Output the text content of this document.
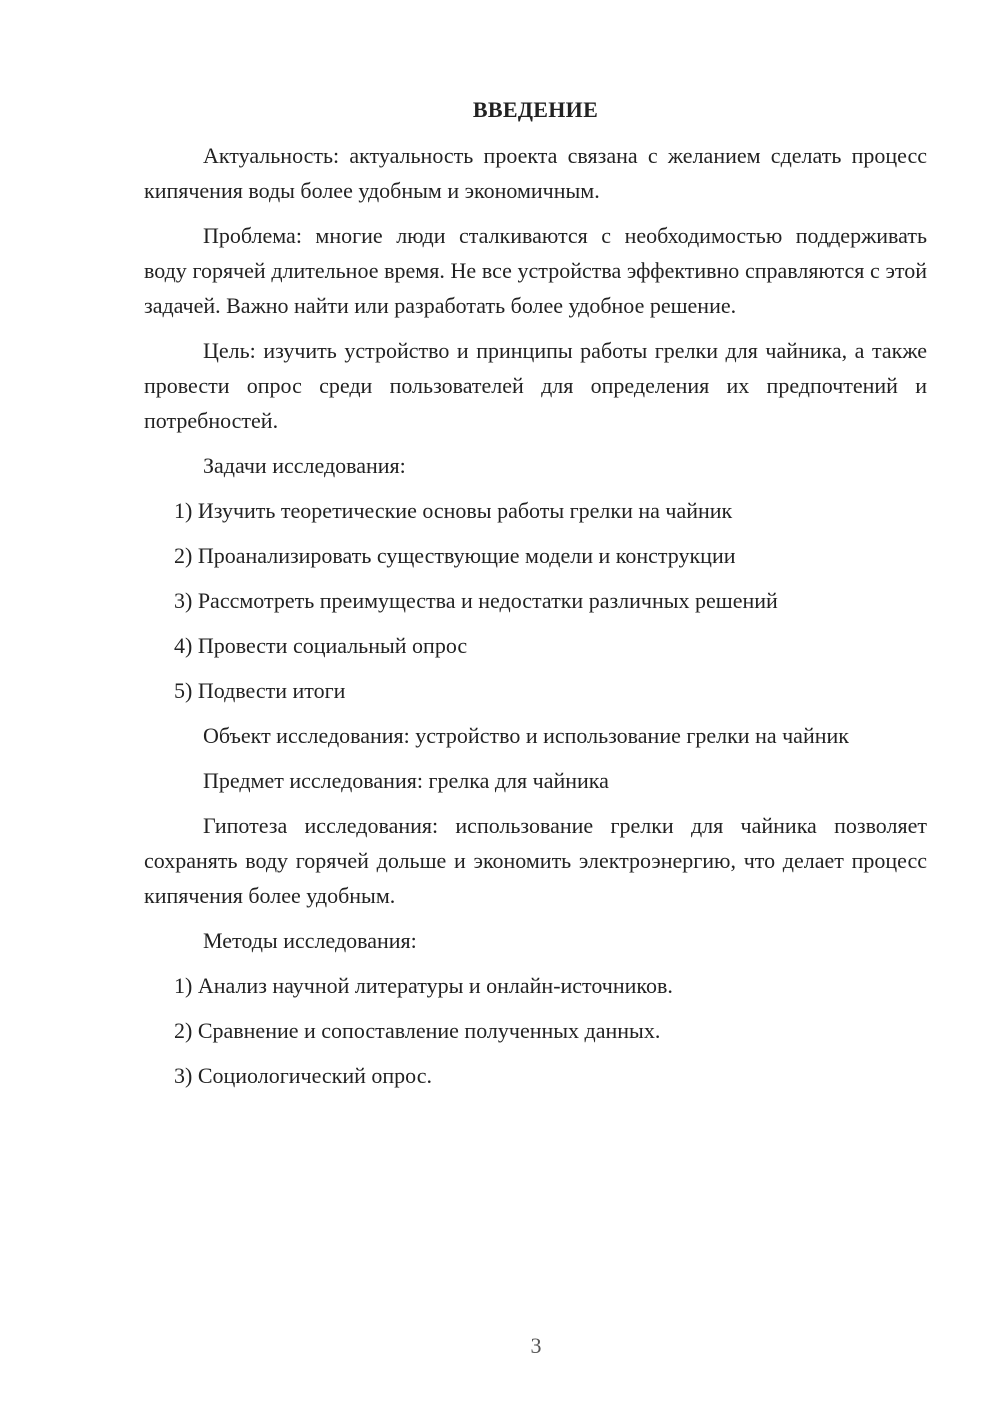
ВВЕДЕНИЕ
Актуальность: актуальность проекта связана с желанием сделать процесс кипячения воды более удобным и экономичным.
Проблема: многие люди сталкиваются с необходимостью поддерживать воду горячей длительное время. Не все устройства эффективно справляются с этой задачей. Важно найти или разработать более удобное решение.
Цель: изучить устройство и принципы работы грелки для чайника, а также провести опрос среди пользователей для определения их предпочтений и потребностей.
Задачи исследования:
1) Изучить теоретические основы работы грелки на чайник
2) Проанализировать существующие модели и конструкции
3) Рассмотреть преимущества и недостатки различных решений
4) Провести социальный опрос
5) Подвести итоги
Объект исследования: устройство и использование грелки на чайник
Предмет исследования: грелка для чайника
Гипотеза исследования: использование грелки для чайника позволяет сохранять воду горячей дольше и экономить электроэнергию, что делает процесс кипячения более удобным.
Методы исследования:
1) Анализ научной литературы и онлайн-источников.
2) Сравнение и сопоставление полученных данных.
3) Социологический опрос.
3
